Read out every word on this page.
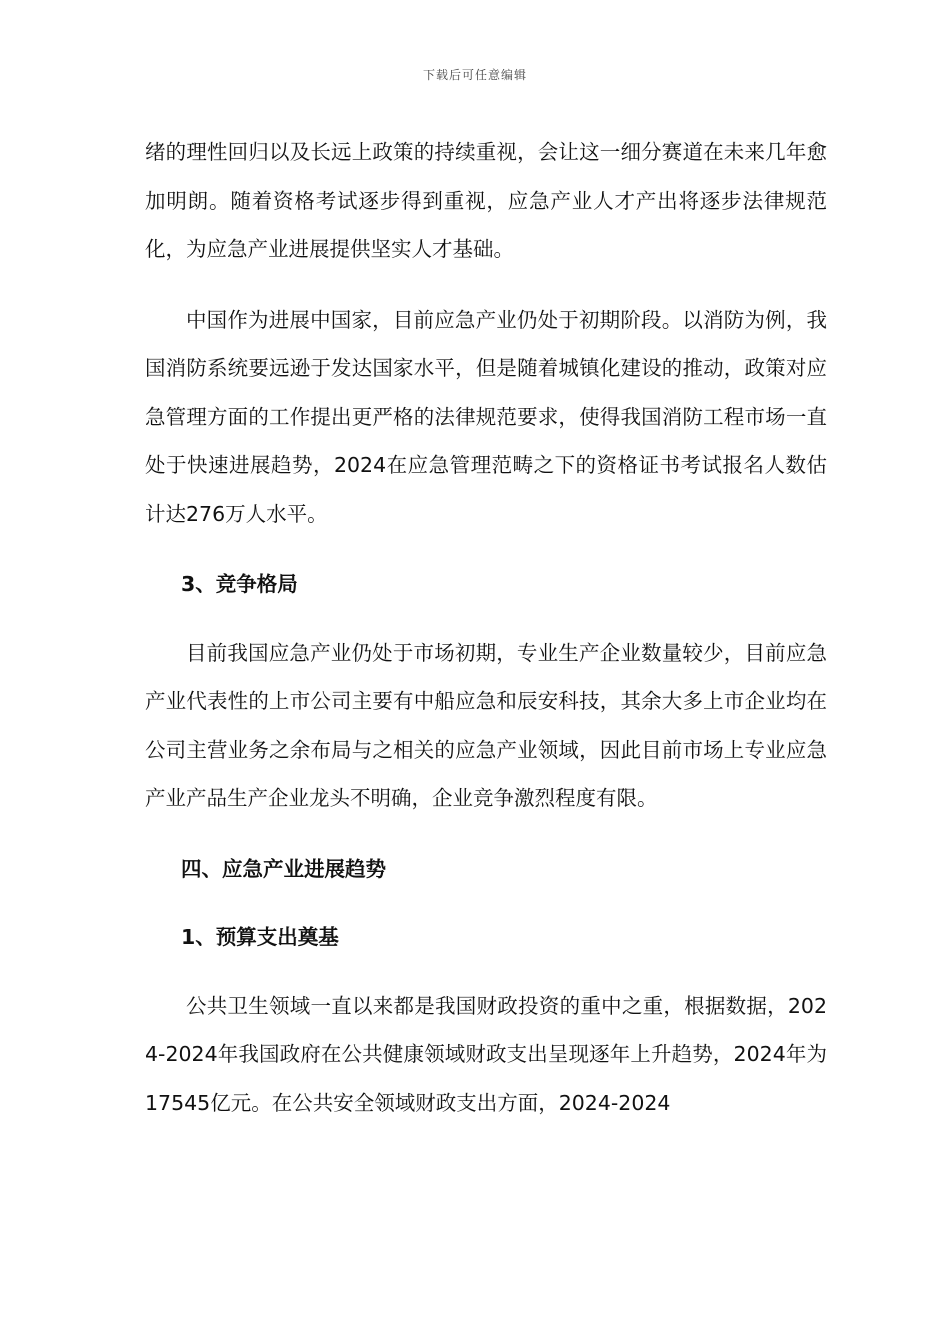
下载后可任意编辑

绪的理性回归以及长远上政策的持续重视，会让这一细分赛道在未来几年愈加明朗。随着资格考试逐步得到重视，应急产业人才产出将逐步法律规范化，为应急产业进展提供坚实人才基础。

中国作为进展中国家，目前应急产业仍处于初期阶段。以消防为例，我国消防系统要远逊于发达国家水平，但是随着城镇化建设的推动，政策对应急管理方面的工作提出更严格的法律规范要求，使得我国消防工程市场一直处于快速进展趋势，2024在应急管理范畴之下的资格证书考试报名人数估计达276万人水平。

3、竞争格局

目前我国应急产业仍处于市场初期，专业生产企业数量较少，目前应急产业代表性的上市公司主要有中船应急和辰安科技，其余大多上市企业均在公司主营业务之余布局与之相关的应急产业领域，因此目前市场上专业应急产业产品生产企业龙头不明确，企业竞争激烈程度有限。

四、应急产业进展趋势

1、预算支出奠基

公共卫生领域一直以来都是我国财政投资的重中之重，根据数据，2024-2024年我国政府在公共健康领域财政支出呈现逐年上升趋势，2024年为17545亿元。在公共安全领域财政支出方面，2024-2024
